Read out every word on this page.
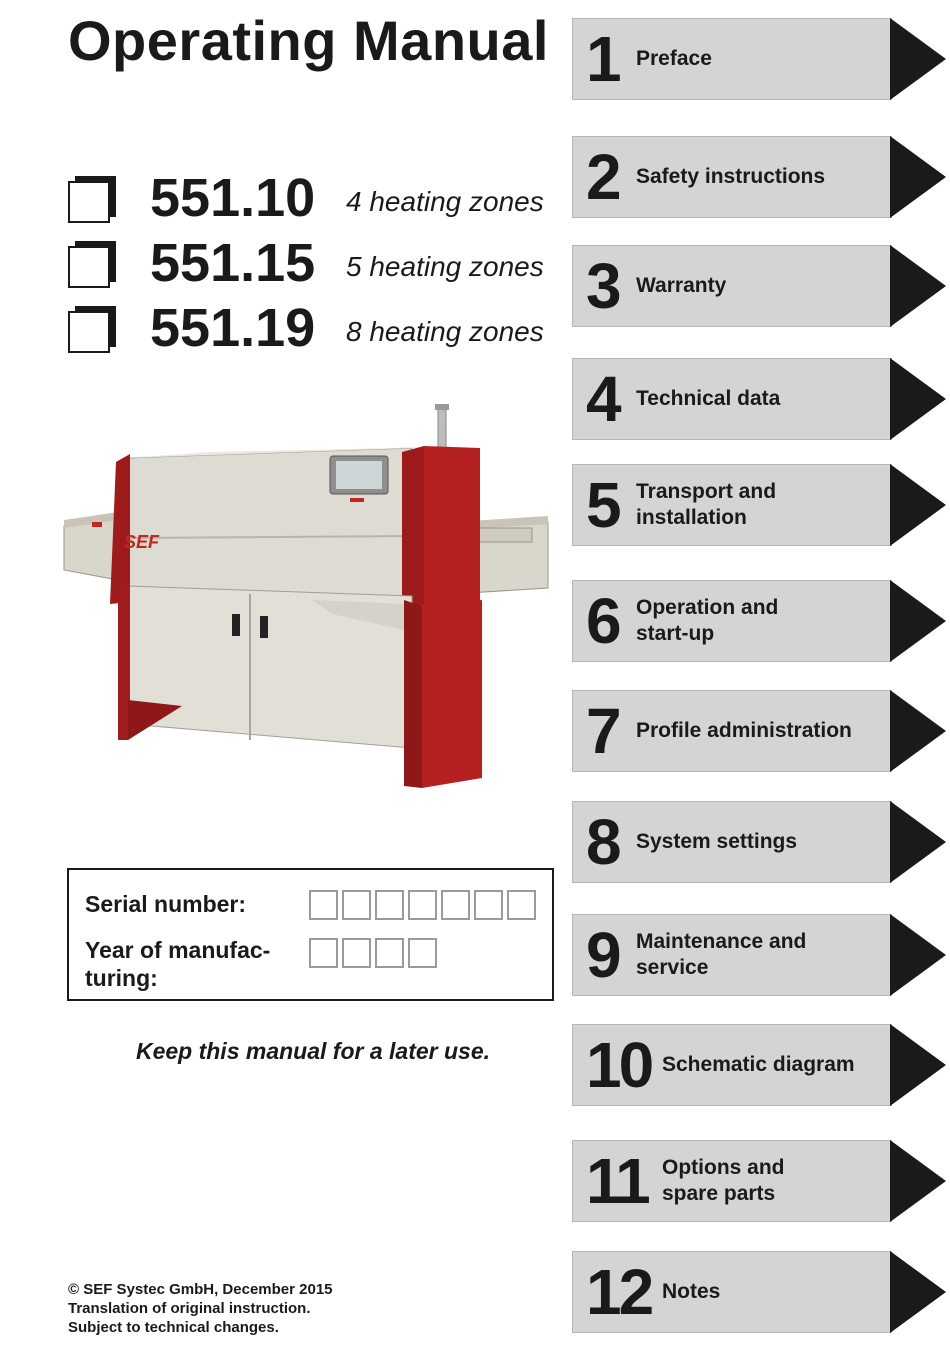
Operating Manual
551.10 4 heating zones
551.15 5 heating zones
551.19 8 heating zones
SEF
Serial number:
Year of manufac-
turing:
Keep this manual for a later use.
© SEF Systec GmbH, December 2015
Translation of original instruction.
Subject to technical changes.
1 Preface
2 Safety instructions
3 Warranty
4 Technical data
5 Transport and
installation
6 Operation and
start-up
7 Profile administration
8 System settings
9 Maintenance and
service
10 Schematic diagram
11 Options and
spare parts
12 Notes
